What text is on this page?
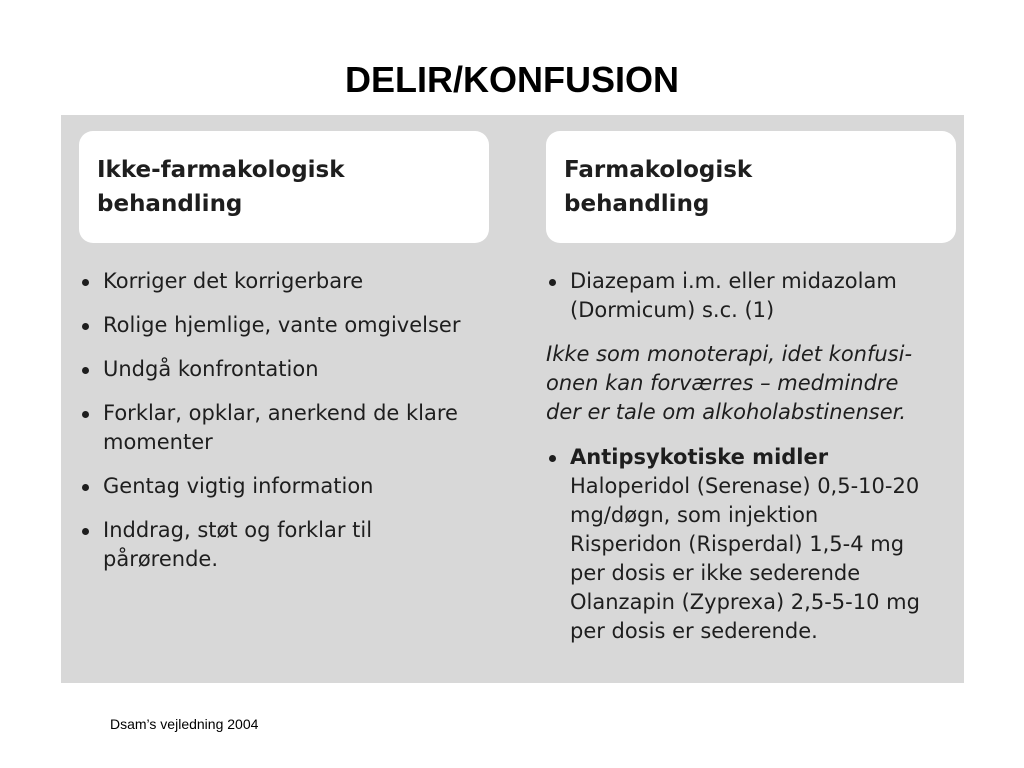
DELIR/KONFUSION
Ikke-farmakologisk
behandling
Korriger det korrigerbare
Rolige hjemlige, vante omgivelser
Undgå konfrontation
Forklar, opklar, anerkend de klare
momenter
Gentag vigtig information
Inddrag, støt og forklar til
pårørende.
Farmakologisk
behandling
Diazepam i.m. eller midazolam
(Dormicum) s.c. (1)
Ikke som monoterapi, idet konfusi-
onen kan forværres – medmindre
der er tale om alkoholabstinenser.
Antipsykotiske midler
Haloperidol (Serenase) 0,5-10-20
mg/døgn, som injektion
Risperidon (Risperdal) 1,5-4 mg
per dosis er ikke sederende
Olanzapin (Zyprexa) 2,5-5-10 mg
per dosis er sederende.
Dsam’s vejledning 2004
